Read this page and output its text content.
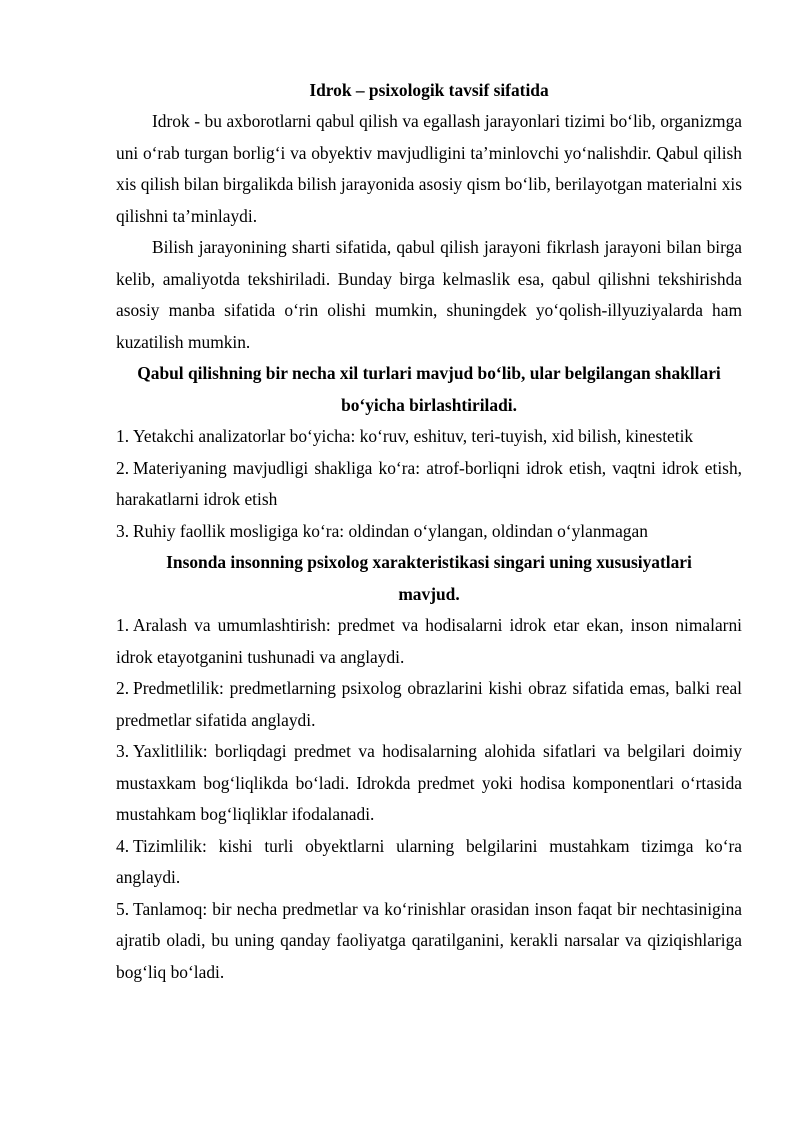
Idrok – psixologik tavsif sifatida
Idrok - bu axborotlarni qabul qilish va egallash jarayonlari tizimi bo‘lib, organizmga uni o‘rab turgan borlig‘i va obyektiv mavjudligini ta’minlovchi yo‘nalishdir. Qabul qilish xis qilish bilan birgalikda bilish jarayonida asosiy qism bo‘lib, berilayotgan materialni xis qilishni ta’minlaydi.
Bilish jarayonining sharti sifatida, qabul qilish jarayoni fikrlash jarayoni bilan birga kelib, amaliyotda tekshiriladi. Bunday birga kelmaslik esa, qabul qilishni tekshirishda asosiy manba sifatida o‘rin olishi mumkin, shuningdek yo‘qolish-illyuziyalarda ham kuzatilish mumkin.
Qabul qilishning bir necha xil turlari mavjud bo‘lib, ular belgilangan shakllari bo‘yicha birlashtiriladi.
1. Yetakchi analizatorlar bo‘yicha: ko‘ruv, eshituv, teri-tuyish, xid bilish, kinestetik
2. Materiyaning mavjudligi shakliga ko‘ra: atrof-borliqni idrok etish, vaqtni idrok etish, harakatlarni idrok etish
3. Ruhiy faollik mosligiga ko‘ra: oldindan o‘ylangan, oldindan o‘ylanmagan
Insonda insonning psixolog xarakteristikasi singari uning xususiyatlari mavjud.
1. Aralash va umumlashtirish: predmet va hodisalarni idrok etar ekan, inson nimalarni idrok etayotganini tushunadi va anglaydi.
2. Predmetlilik: predmetlarning psixolog obrazlarini kishi obraz sifatida emas, balki real predmetlar sifatida anglaydi.
3. Yaxlitlilik: borliqdagi predmet va hodisalarning alohida sifatlari va belgilari doimiy mustaxkam bog‘liqlikda bo‘ladi. Idrokda predmet yoki hodisa komponentlari o‘rtasida mustahkam bog‘liqliklar ifodalanadi.
4. Tizimlilik: kishi turli obyektlarni ularning belgilarini mustahkam tizimga ko‘ra anglaydi.
5. Tanlamoq: bir necha predmetlar va ko‘rinishlar orasidan inson faqat bir nechtasinigina ajratib oladi, bu uning qanday faoliyatga qaratilganini, kerakli narsalar va qiziqishlariga bog‘liq bo‘ladi.
